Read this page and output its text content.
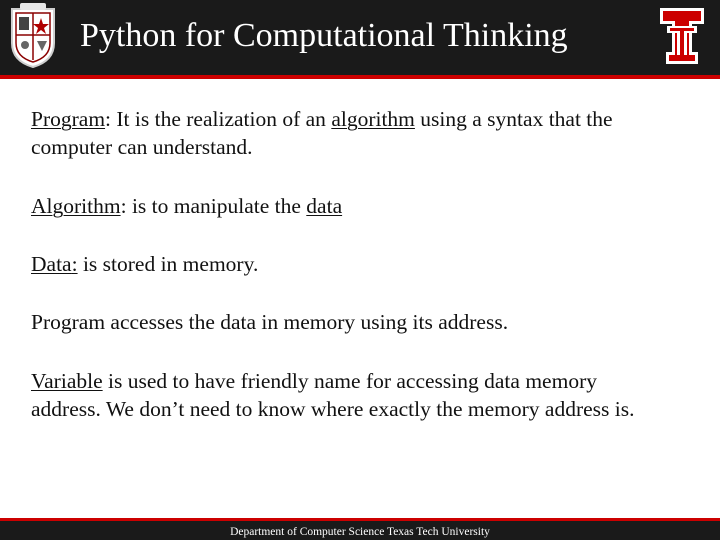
Python for Computational Thinking

Program: It is the realization of an algorithm using a syntax that the computer can understand.

Algorithm: is to manipulate the data

Data: is stored in memory.

Program accesses the data in memory using its address.

Variable is used to have friendly name for accessing data memory address. We don’t need to know where exactly the memory address is.

Department of Computer Science Texas Tech University
